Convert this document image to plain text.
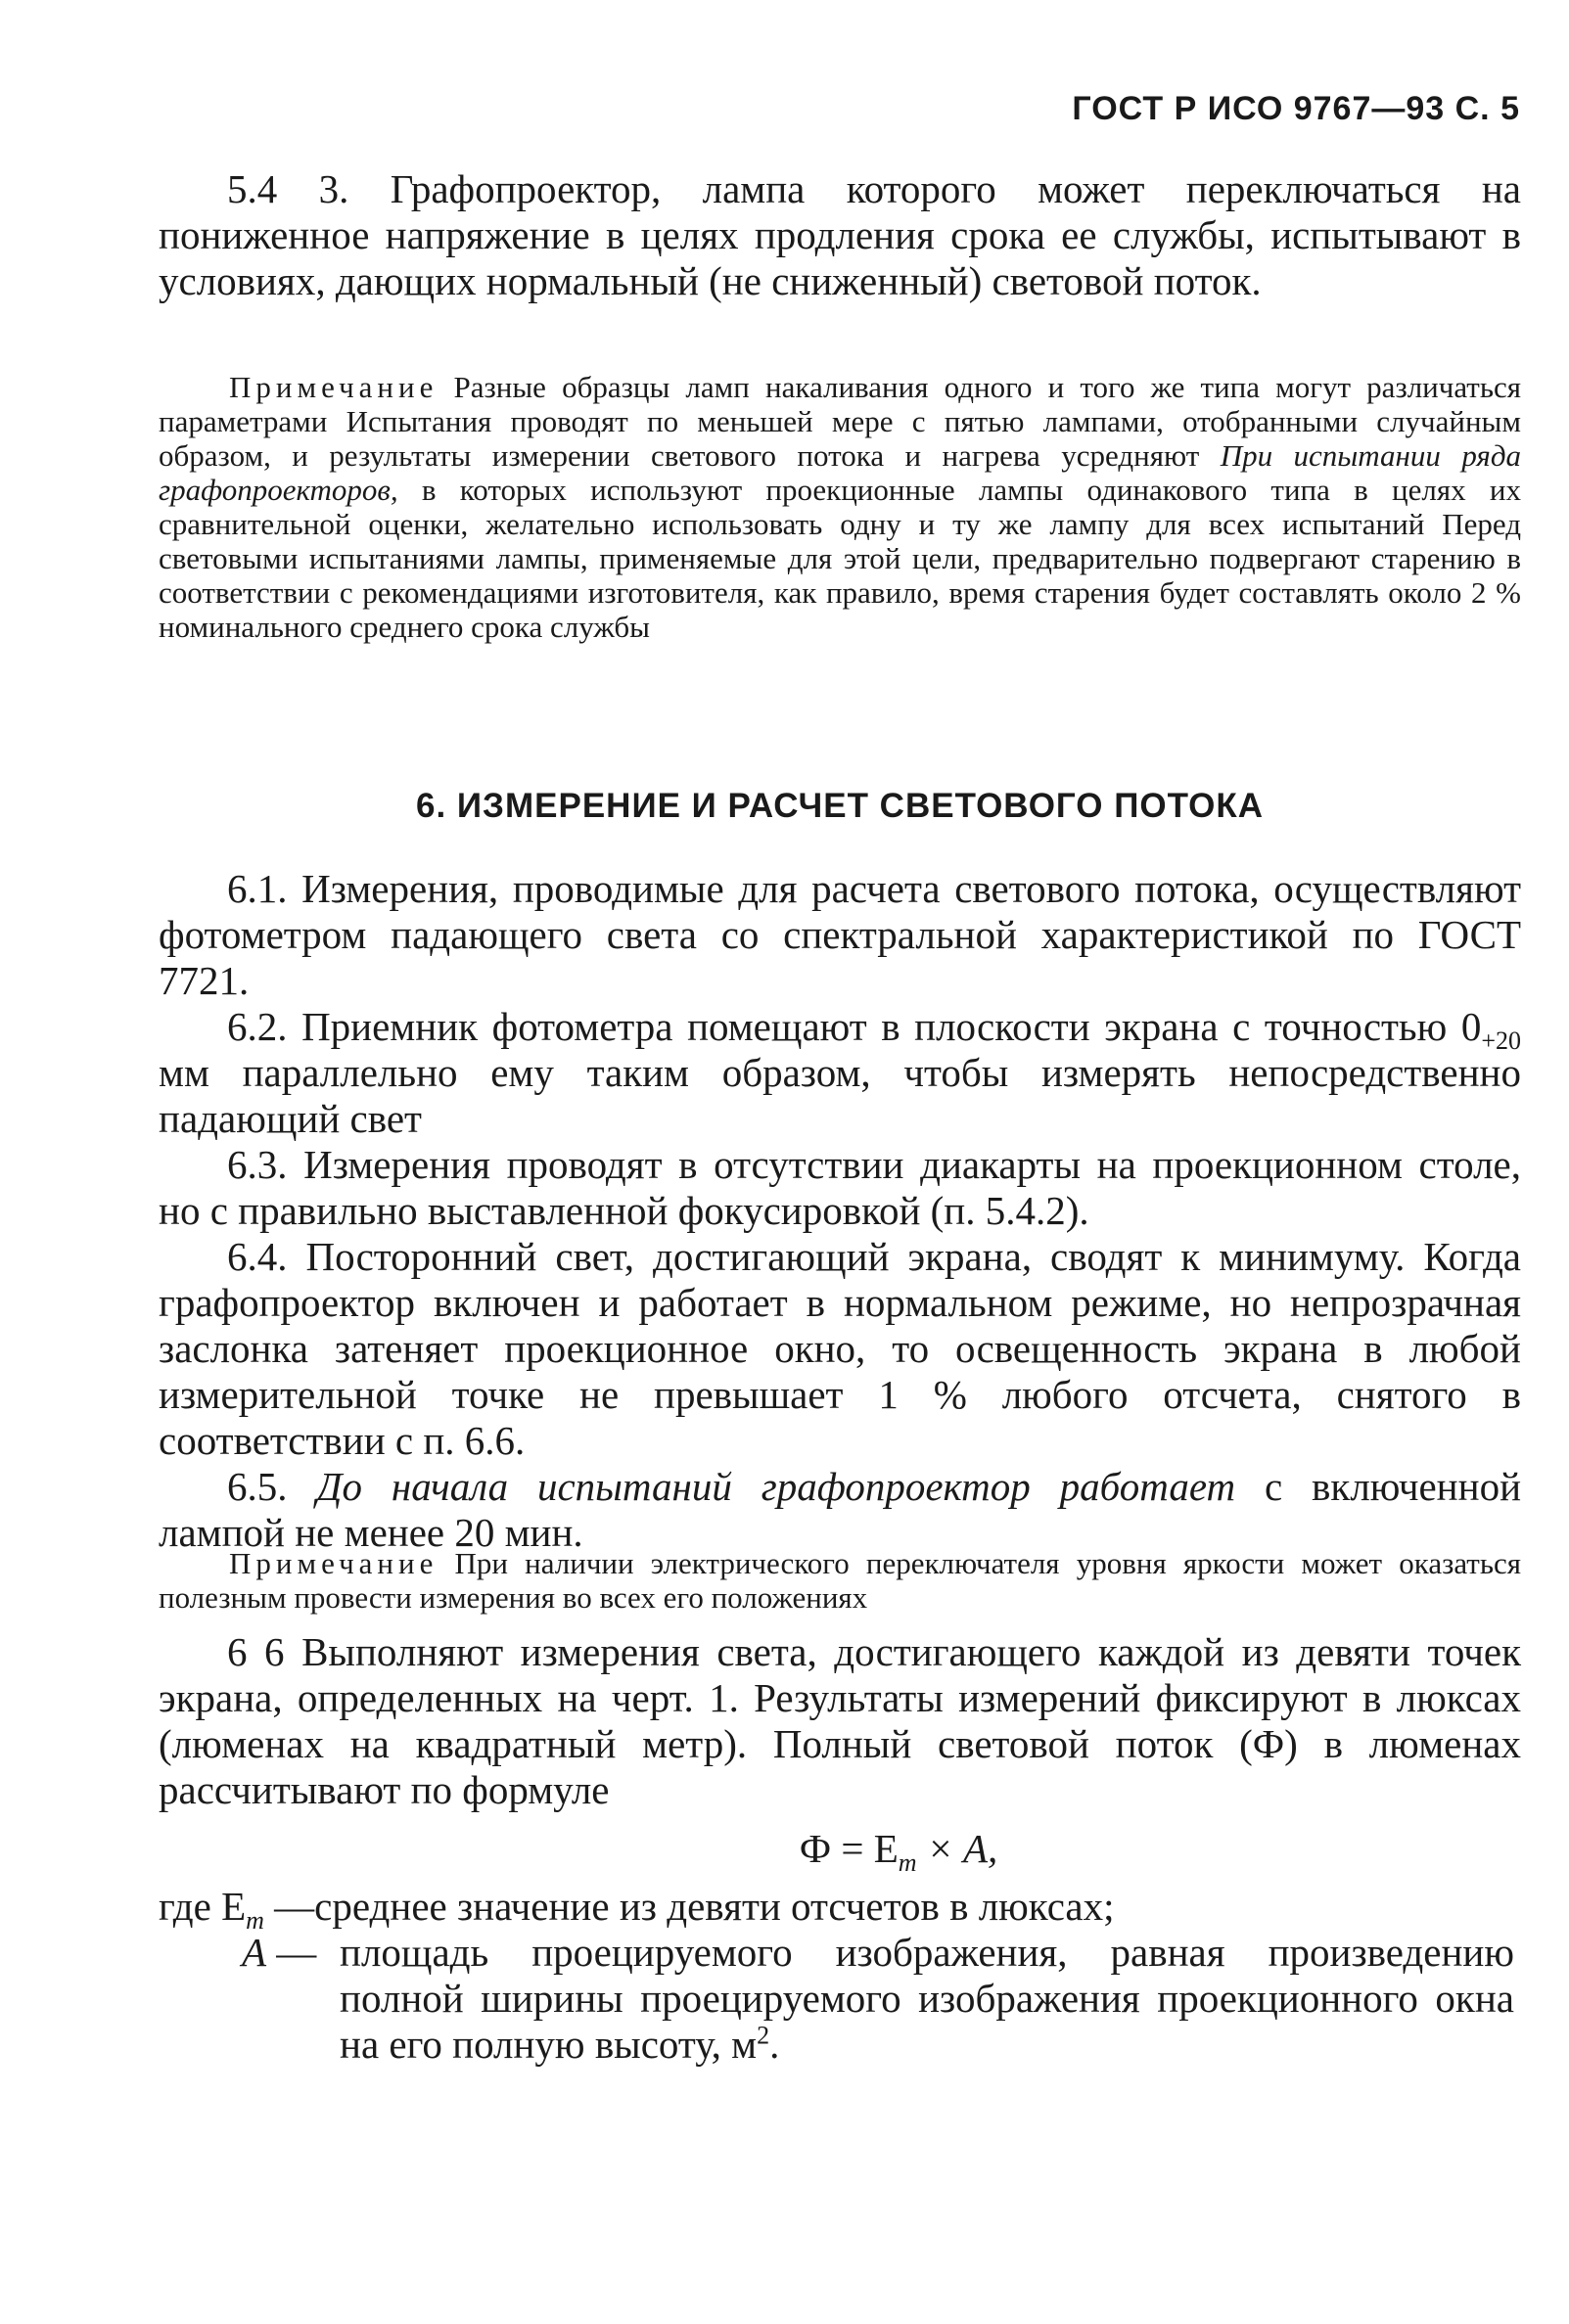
ГОСТ Р ИСО 9767—93 С. 5

5.4 3. Графопроектор, лампа которого может переключаться на пониженное напряжение в целях продления срока ее службы, испытывают в условиях, дающих нормальный (не сниженный) световой поток.

Примечание Разные образцы ламп накаливания одного и того же типа могут различаться параметрами Испытания проводят по меньшей мере с пятью лампами, отобранными случайным образом, и результаты измерении светового потока и нагрева усредняют При испытании ряда графопроекторов, в которых используют проекционные лампы одинакового типа в целях их сравнительной оценки, желательно использовать одну и ту же лампу для всех испытаний Перед световыми испытаниями лампы, применяемые для этой цели, предварительно подвергают старению в соответствии с рекомендациями изготовителя, как правило, время старения будет составлять около 2 % номинального среднего срока службы

6. ИЗМЕРЕНИЕ И РАСЧЕТ СВЕТОВОГО ПОТОКА

6.1. Измерения, проводимые для расчета светового потока, осуществляют фотометром падающего света со спектральной характеристикой по ГОСТ 7721.

6.2. Приемник фотометра помещают в плоскости экрана с точностью $0_{+20}$ мм параллельно ему таким образом, чтобы измерять непосредственно падающий свет

6.3. Измерения проводят в отсутствии диакарты на проекционном столе, но с правильно выставленной фокусировкой (п. 5.4.2).

6.4. Посторонний свет, достигающий экрана, сводят к минимуму. Когда графопроектор включен и работает в нормальном режиме, но непрозрачная заслонка затеняет проекционное окно, то освещенность экрана в любой измерительной точке не превышает 1 % любого отсчета, снятого в соответствии с п. 6.6.

6.5. До начала испытаний графопроектор работает с включенной лампой не менее 20 мин.

Примечание При наличии электрического переключателя уровня яркости может оказаться полезным провести измерения во всех его положениях

6 6 Выполняют измерения света, достигающего каждой из девяти точек экрана, определенных на черт. 1. Результаты измерений фиксируют в люксах (люменах на квадратный метр). Полный световой поток (Ф) в люменах рассчитывают по формуле

$Ф = Е_m \times A$,

где $Е_m$ — среднее значение из девяти отсчетов в люксах;
A — площадь проецируемого изображения, равная произведению полной ширины проецируемого изображения проекционного окна на его полную высоту, $м^2$.
